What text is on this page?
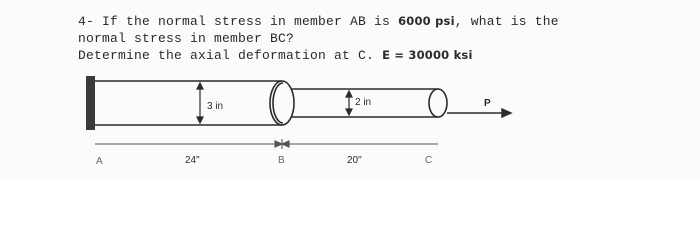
4- If the normal stress in member AB is 6000 psi, what is the
normal stress in member BC?
Determine the axial deformation at C. E = 30000 ksi
3 in	2 in	P
A	24"	B	20"	C
